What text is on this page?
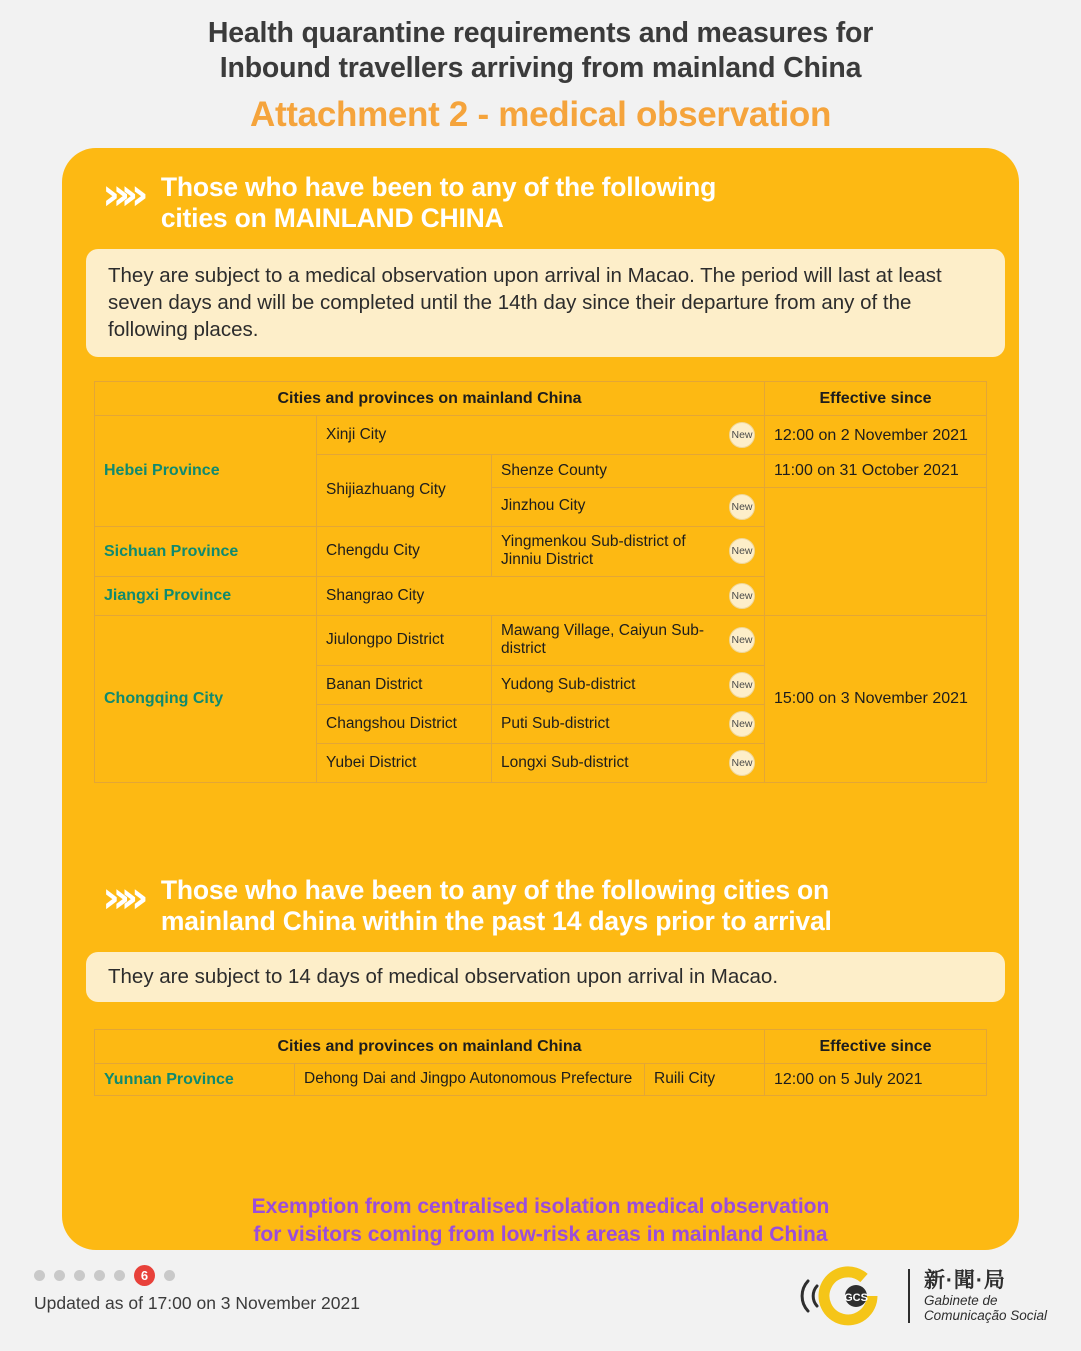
Health quarantine requirements and measures for
Inbound travellers arriving from mainland China
Attachment 2 - medical observation
»» Those who have been to any of the following
cities on MAINLAND CHINA
They are subject to a medical observation upon arrival in Macao. The period will last at least seven days and will be completed until the 14th day since their departure from any of the following places.
Cities and provinces on mainland China			Effective since
Hebei Province	Xinji City New		12:00 on 2 November 2021
	Shijiazhuang City	Shenze County	11:00 on 31 October 2021

		Jinzhou City New	

Sichuan Province	Chengdu City	Yingmenkou Sub-district of Jinniu District New	

Jiangxi Province	Shangrao City New		

Chongqing City	Jiulongpo District	Mawang Village, Caiyun Sub-district New	15:00 on 3 November 2021
	Banan District	Yudong Sub-district New	

	Changshou District	Puti Sub-district New	

	Yubei District	Longxi Sub-district New	
»» Those who have been to any of the following cities on
mainland China within the past 14 days prior to arrival
They are subject to 14 days of medical observation upon arrival in Macao.
Cities and provinces on mainland China			Effective since
Yunnan Province	Dehong Dai and Jingpo Autonomous Prefecture	Ruili City	12:00 on 5 July 2021
Exemption from centralised isolation medical observation
for visitors coming from low-risk areas in mainland China
6
Updated as of 17:00 on 3 November 2021	GCS
新·聞·局
Gabinete de
Comunicação Social
